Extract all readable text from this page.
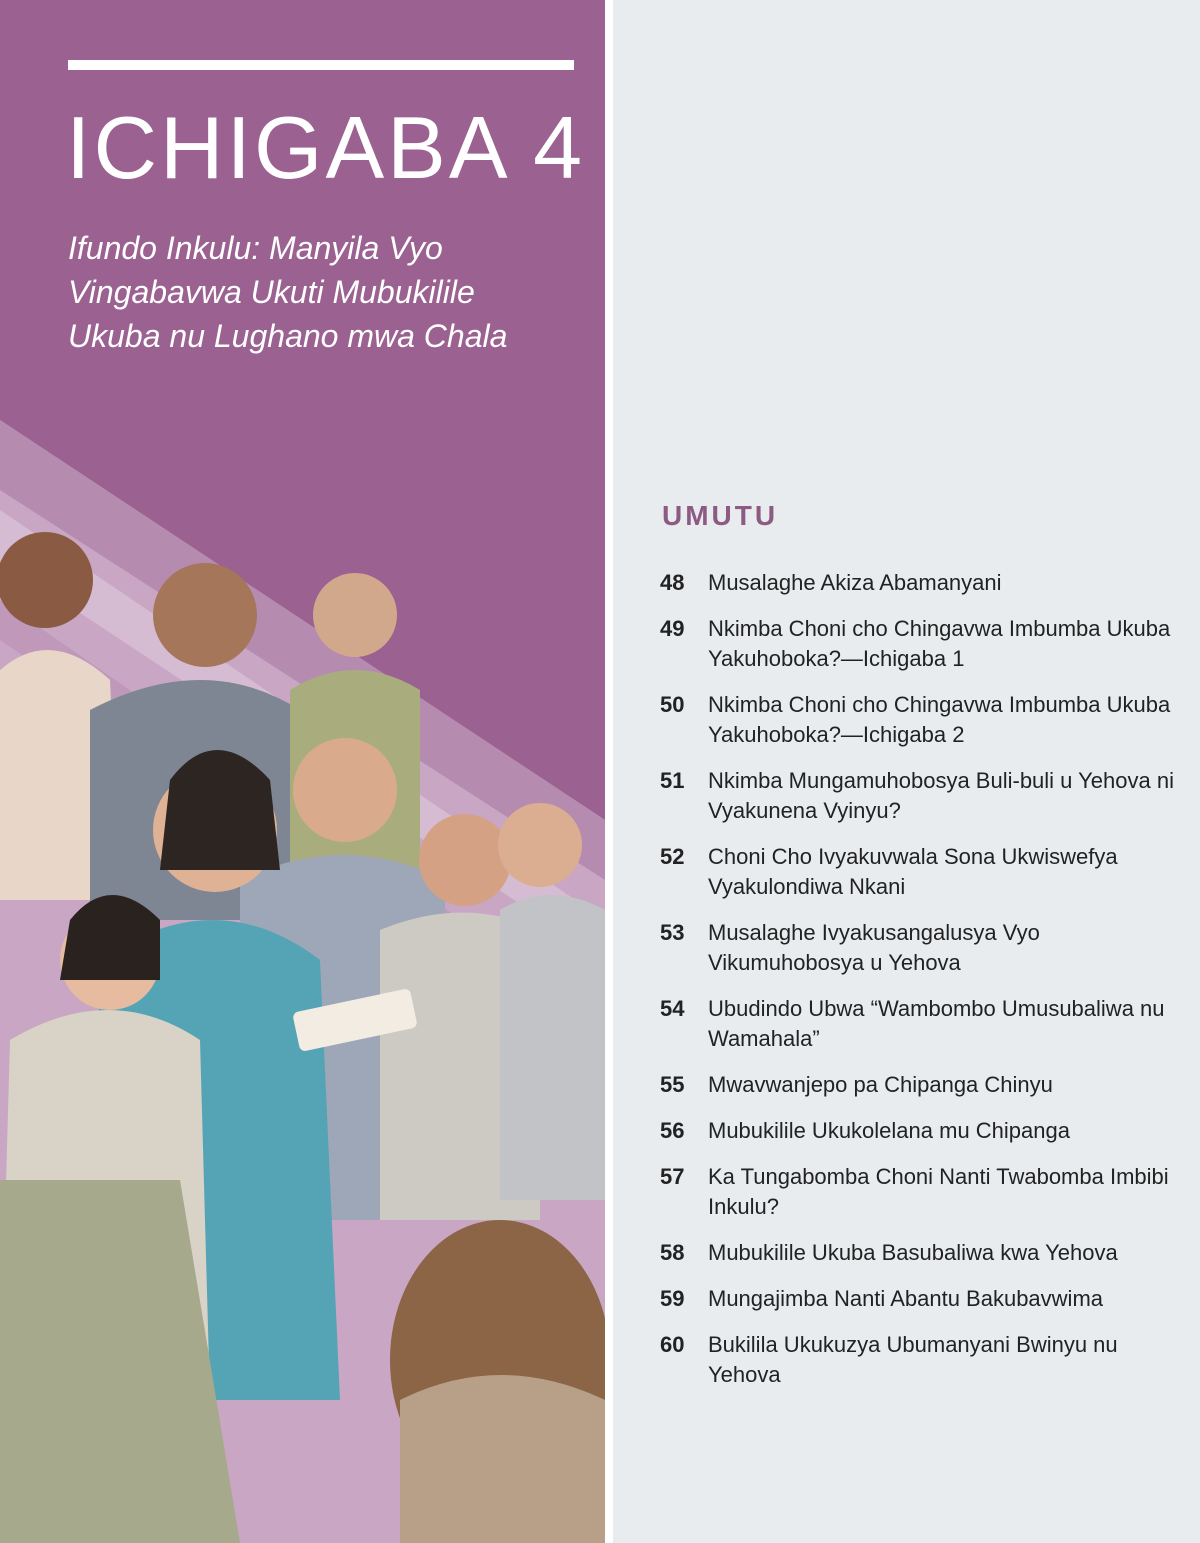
ICHIGABA 4

Ifundo Inkulu: Manyila Vyo Vingabavwa Ukuti Mubukilile Ukuba nu Lughano mwa Chala

UMUTU
48	Musalaghe Akiza Abamanyani
49	Nkimba Choni cho Chingavwa Imbumba Ukuba Yakuhoboka?—Ichigaba 1
50	Nkimba Choni cho Chingavwa Imbumba Ukuba Yakuhoboka?—Ichigaba 2
51	Nkimba Mungamuhobosya Buli-buli u Yehova ni Vyakunena Vyinyu?
52	Choni Cho Ivyakuvwala Sona Ukwiswefya Vyakulondiwa Nkani
53	Musalaghe Ivyakusangalusya Vyo Vikumuhobosya u Yehova
54	Ubudindo Ubwa “Wambombo Umusubaliwa nu Wamahala”
55	Mwavwanjepo pa Chipanga Chinyu
56	Mubukilile Ukukolelana mu Chipanga
57	Ka Tungabomba Choni Nanti Twabomba Imbibi Inkulu?
58	Mubukilile Ukuba Basubaliwa kwa Yehova
59	Mungajimba Nanti Abantu Bakubavwima
60	Bukilila Ukukuzya Ubumanyani Bwinyu nu Yehova
